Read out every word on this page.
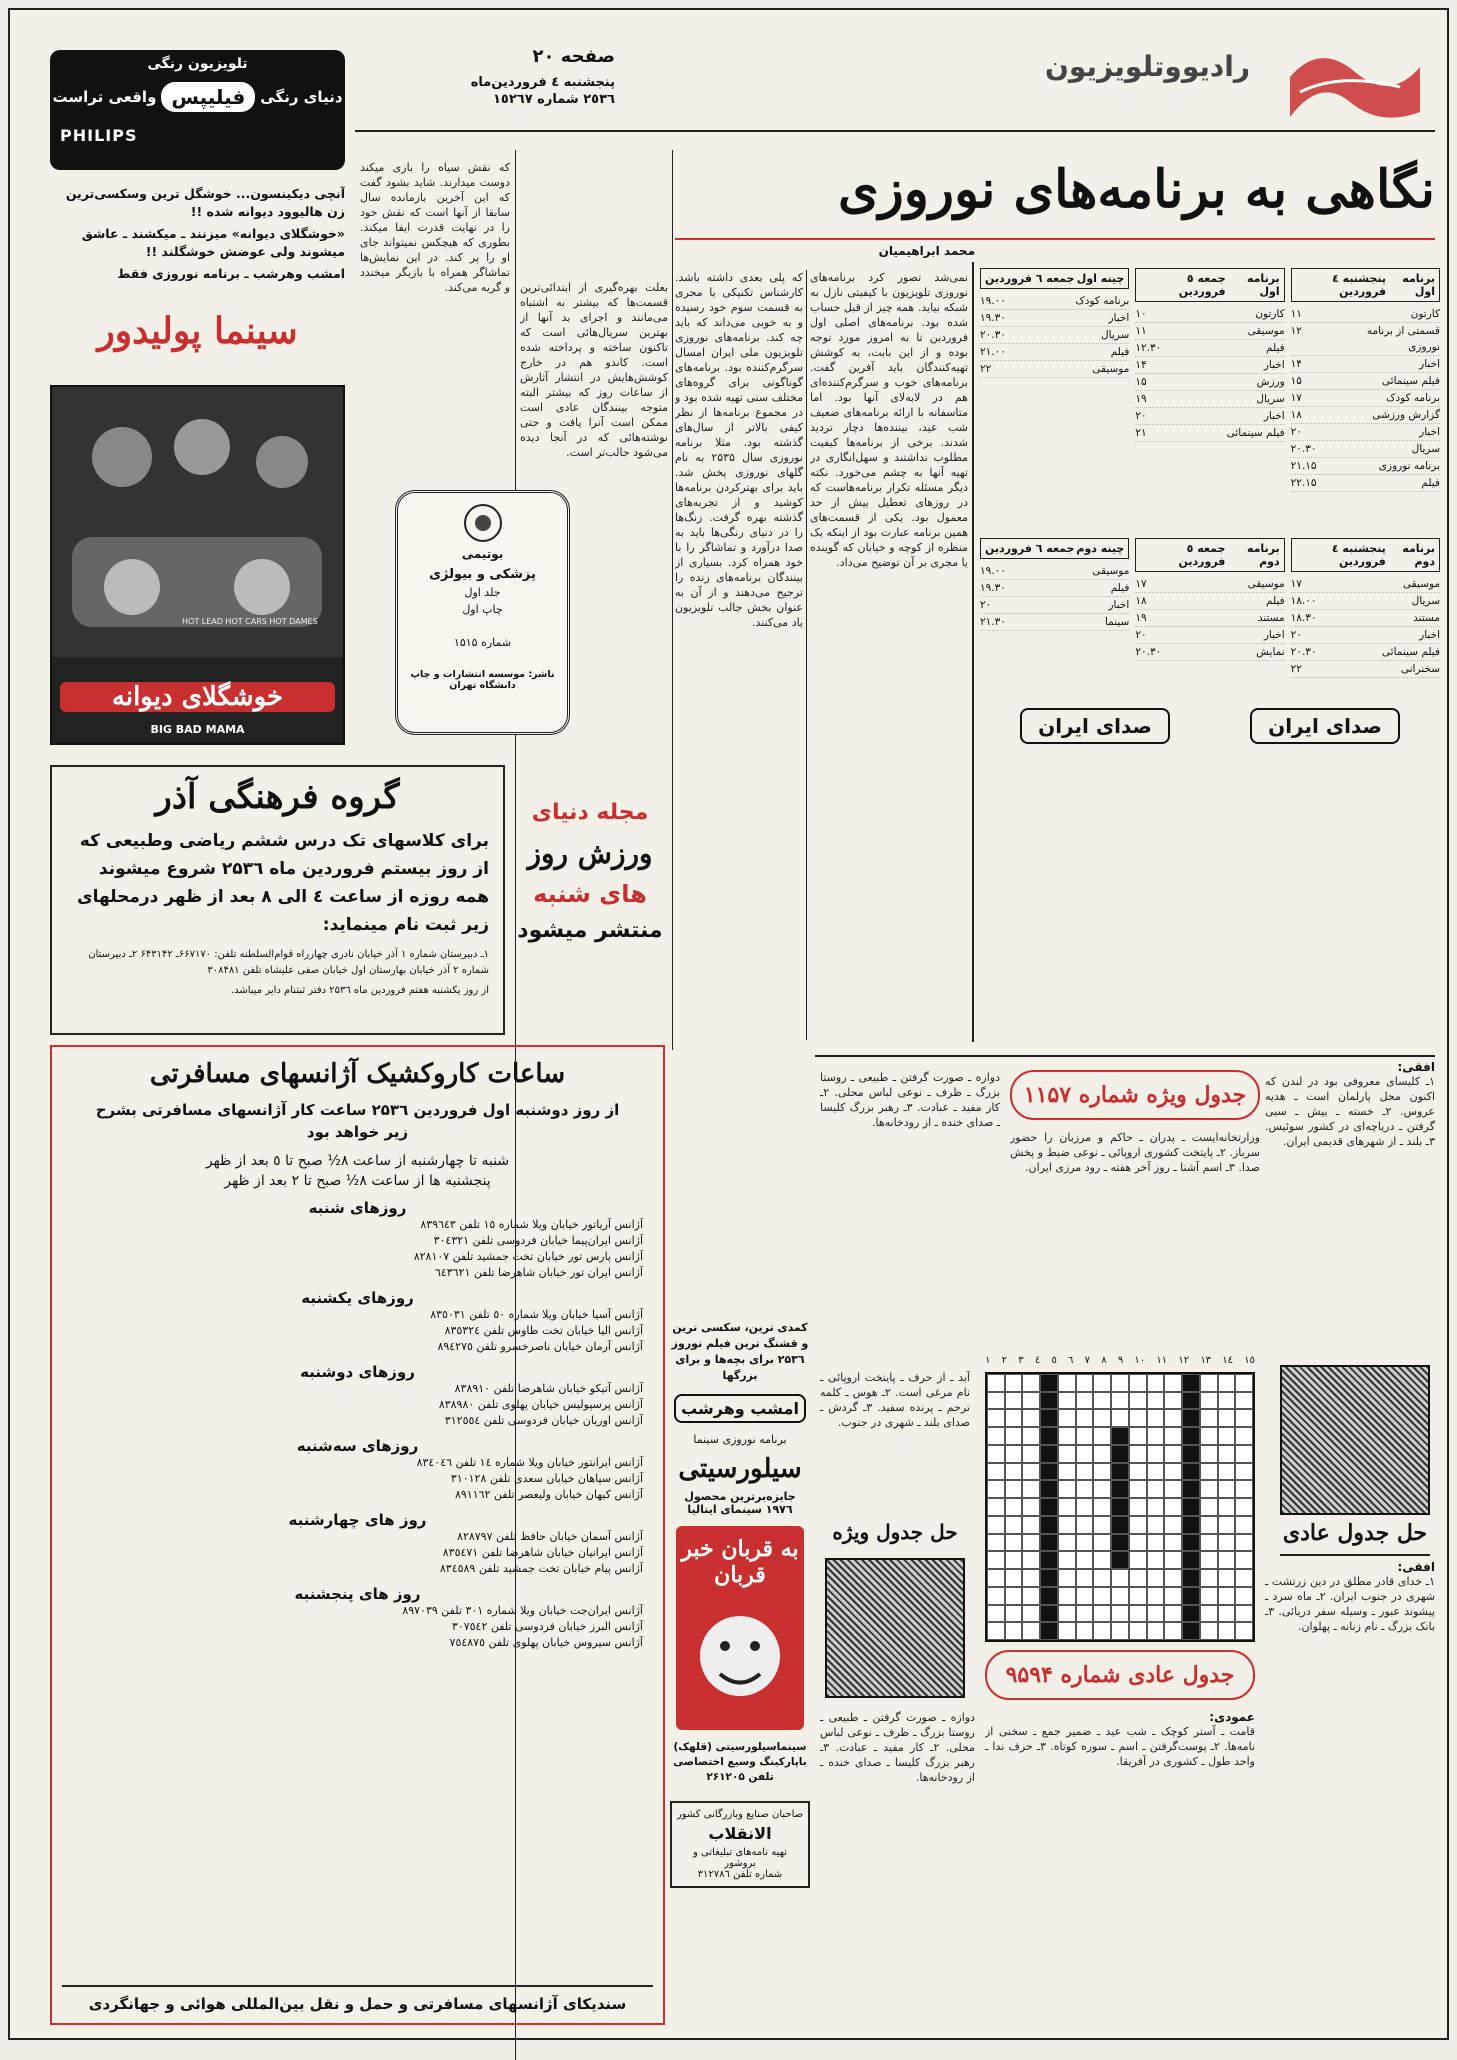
رادیووتلویزیون
صفحه ۲۰
پنجشنبه ٤ فروردین‌ماه
٢٥٣٦ شماره ١٥٢٦٧
تلویزیون رنگی
دنیای رنگی
فیلیپس
واقعی تراست
PHILIPS
نگاهی به برنامه‌های نوروزی
محمد ابراهیمیان
نمی‌شد تصور کرد برنامه‌های نوروزی تلویزیون با کیفیتی نازل به شبکه بیاید. همه چیز از قبل حساب شده بود. برنامه‌های اصلی اول فروردین تا به امروز مورد توجه بوده و از این بابت، به کوشش تهیه‌کنندگان باید آفرین گفت. برنامه‌های خوب و سرگرم‌کننده‌ای هم در لابه‌لای آنها بود. اما متاسفانه با ارائه برنامه‌های ضعیف شب عید، بیننده‌ها دچار تردید شدند. برخی از برنامه‌ها کیفیت مطلوب نداشتند و سهل‌انگاری در تهیه آنها به چشم می‌خورد. نکته دیگر مسئله تکرار برنامه‌هاست که در روزهای تعطیل بیش از حد معمول بود. یکی از قسمت‌های همین برنامه عبارت بود از اینکه یک منظره از کوچه و خیابان که گوینده یا مجری بر آن توضیح می‌داد.
که پلی بعدی داشته باشد. کارشناس تکنیکی یا مجری به قسمت سوم خود رسیده و به خوبی می‌داند که باید چه کند. برنامه‌های نوروزی تلویزیون ملی ایران امسال سرگرم‌کننده بود. برنامه‌های گوناگونی برای گروه‌های مختلف سنی تهیه شده بود و در مجموع برنامه‌ها از نظر کیفی بالاتر از سال‌های گذشته بود. مثلا برنامه نوروزی سال ۲۵۳۵ به نام گلهای نوروزی پخش شد. باید برای بهترکردن برنامه‌ها کوشید و از تجربه‌های گذشته بهره گرفت. زنگ‌ها را در دنیای رنگی‌ها باید به صدا درآورد و تماشاگر را با خود همراه کرد. بسیاری از بینندگان برنامه‌های زنده را ترجیح می‌دهند و از آن به عنوان بخش جالب تلویزیون یاد می‌کنند.
بعلت بهره‌گیری از ابتدائی‌ترین قسمت‌ها که بیشتر به اشتباه می‌مانند و اجرای بد آنها از بهترین سریال‌هائی است که تاکنون ساخته و پرداخته شده است. کاندو هم در خارج کوشش‌هایش در انتشار آثارش از ساعات روز که بیشتر البته متوجه بینندگان عادی است ممکن است آنرا یافت و حتی نوشته‌هائی که در آنجا دیده می‌شود جالب‌تر است.
که نقش سیاه را بازی میکند دوست میدارند. شاید بشود گفت که این آخرین بازمانده سال سابقا از آنها است که نقش خود را در نهایت قدرت ایفا میکند. بطوری که هیچکس نمیتواند جای او را پر کند. در این نمایش‌ها تماشاگر همراه با بازیگر میخندد و گریه می‌کند.
برنامه اول
پنجشنبه ٤ فروردین
کارتون
۱۱
قسمتی از برنامه نوروزی
۱۲
اخبار
۱۴
فیلم سینمائی
۱۵
برنامه کودک
۱۷
گزارش ورزشی
۱۸
اخبار
۲۰
سریال
۲۰.۳۰
برنامه نوروزی
۲۱.۱۵
فیلم
۲۲.۱۵
برنامه اول
جمعه ٥ فروردین
کارتون
۱۰
موسیقی
۱۱
فیلم
۱۲.۳۰
اخبار
۱۴
ورزش
۱۵
سریال
۱۹
اخبار
۲۰
فیلم سینمائی
۲۱
چینه اول
جمعه ٦ فروردین
برنامه کودک
۱۹.۰۰
اخبار
۱۹.۳۰
سریال
۲۰.۳۰
فیلم
۲۱.۰۰
موسیقی
۲۲
برنامه دوم
پنجشنبه ٤ فروردین
موسیقی
۱۷
سریال
۱۸.۰۰
مستند
۱۸.۳۰
اخبار
۲۰
فیلم سینمائی
۲۰.۳۰
سخنرانی
۲۲
برنامه دوم
جمعه ٥ فروردین
موسیقی
۱۷
فیلم
۱۸
مستند
۱۹
اخبار
۲۰
نمایش
۲۰.۳۰
چینه دوم
جمعه ٦ فروردین
موسیقی
۱۹.۰۰
فیلم
۱۹.۳۰
اخبار
۲۰
سینما
۲۱.۳۰
صدای ایران
صدای ایران
آنچی دیکینسون... خوشگل ترین وسکسی‌ترین زن هالیوود دیوانه شده !!
«خوشگلای دیوانه» میزنند ـ میکشند ـ عاشق میشوند ولی عوضش خوشگلند !!
امشب وهرشب ـ برنامه نوروزی فقط
سینما پولیدور
HOT LEAD HOT CARS HOT DAMES
خوشگلای دیوانه
BIG BAD MAMA
بوتیمی
پزشکی و بیولژی
جلد اول
چاپ اول
شماره ۱۵۱۵
ناشر: موسسه انتشارات و چاپ دانشگاه تهران
مجله دنیای
ورزش روز
های شنبه
منتشر میشود
گروه فرهنگی آذر
برای کلاسهای تک درس ششم ریاضی وطبیعی که از روز بیستم فروردین ماه ۲۵۳٦ شروع میشوند همه روزه از ساعت ٤ الی ۸ بعد از ظهر درمحلهای زیر ثبت نام مینماید:
۱ـ دبیرستان شماره ۱ آذر خیابان نادری چهارراه قوام‌السلطنه تلفن: ۶۶۷۱۷۰ـ ۶۴۳۱۴۲ ۲ـ دبیرستان شماره ۲ آذر خیابان بهارستان اول خیابان صفی علیشاه تلفن ۳۰۸۴۸۱
از روز یکشنبه هفتم فروردین ماه ۲۵۳٦ دفتر ثبتنام دایر میباشد.
ساعات کاروکشیک آژانسهای مسافرتی
از روز دوشنبه اول فروردین ۲۵۳٦ ساعت کار آژانسهای مسافرتی بشرح زیر خواهد بود
شنبه تا چهارشنبه از ساعت ۸½ صبح تا ٥ بعد از ظهر
پنجشنبه ها از ساعت ۸½ صبح تا ۲ بعد از ظهر
روزهای شنبه
آژانس آریاتور خیابان ویلا شماره ١٥ تلفن ٨٣٩٦٤٣
آژانس ایران‌پیما خیابان فردوسی تلفن ٣٠٤٣٢١
آژانس پارس تور خیابان تخت جمشید تلفن ٨٢٨١٠٧
آژانس ایران تور خیابان شاهرضا تلفن ٦٤٣٦٢١
روزهای یکشنبه
آژانس آسیا خیابان ویلا شماره ٥٠ تلفن ٨٣٥٠٣١
آژانس الیا خیابان تخت طاوس تلفن ٨٣٥٣٢٤
آژانس آرمان خیابان ناصرخسرو تلفن ٨٩٤٢٧٥
روزهای دوشنبه
آژانس آتیکو خیابان شاهرضا تلفن ٨٣٨٩١٠
آژانس پرسپولیس خیابان پهلوی تلفن ٨٣٨٩٨٠
آژانس اوریان خیابان فردوسی تلفن ٣١٢٥٥٤
روزهای سه‌شنبه
آژانس ایرانتور خیابان ویلا شماره ١٤ تلفن ٨٣٤٠٤٦
آژانس سپاهان خیابان سعدی تلفن ٣١٠١٢٨
آژانس کیهان خیابان ولیعصر تلفن ٨٩١١٦٢
روز های چهارشنبه
آژانس آسمان خیابان حافظ تلفن ٨٢٨٧٩٧
آژانس ایرانیان خیابان شاهرضا تلفن ٨٣٥٤٧١
آژانس پیام خیابان تخت جمشید تلفن ٨٣٤٥٨٩
روز های پنجشنبه
آژانس ایران‌جت خیابان ویلا شماره ٣٠١ تلفن ٨٩٧٠٣٩
آژانس البرز خیابان فردوسی تلفن ٣٠٧٥٤٢
آژانس سیروس خیابان پهلوی تلفن ٧٥٤٨٧٥
سندیکای آژانسهای مسافرتی و حمل و نقل بین‌المللی هوائی و جهانگردی
کمدی ترین، سکسی ترین و قشنگ ترین فیلم نوروز ۲۵۳٦ برای بچه‌ها و برای بزرگها
امشب وهرشب
برنامه نوروزی سینما
سیلورسیتی
جایزه‌برترین محصول ۱۹۷٦ سینمای ایتالیا
به قربان خبر قربان
سینماسیلورسیتی (قلهک) باپارکینگ وسیع اختصاصی تلفن ۲۶۱۲۰۵
صاحبان صنایع وبازرگانی کشور
الانقلاب
تهیه نامه‌های تبلیغاتی و بروشور
شماره تلفن ۳۱۲۷۸٦
افقی:
۱ـ کلیسای معروفی بود در لندن که اکنون محل پارلمان است ـ هدیه عروس. ۲ـ خسته ـ بیش ـ سبی گرفتن ـ دریاچه‌ای در کشور سوئیس. ۳ـ بلند ـ از شهرهای قدیمی ایران.
جدول ویژه شماره ۱۱۵۷
وزارتخانه‌ایست ـ پدران ـ حاکم و مرزبان را حضور سرباز. ۲ـ پایتخت کشوری اروپائی ـ نوعی ضبط و پخش صدا. ۳ـ اسم آشنا ـ روز آخر هفته ـ رود مرزی ایران.
دوازه ـ صورت گرفتن ـ طبیعی ـ روستا بزرگ ـ ظرف ـ نوعی لباس محلی. ۲ـ کار مفید ـ عبادت. ۳ـ رهبر بزرگ کلیسا ـ صدای خنده ـ از رودخانه‌ها.
۱٥
۱٤
۱۳
۱۲
۱۱
۱۰
۹
۸
۷
٦
٥
٤
۳
۲
۱
حل جدول عادی
افقی:
۱ـ خدای قادر مطلق در دین زرتشت ـ شهری در جنوب ایران. ۲ـ ماه سرد ـ پیشوند عبور ـ وسیله سفر دریائی. ۳ـ بانک بزرگ ـ نام زنانه ـ پهلوان.
حل جدول ویژه
آبد ـ از حرف ـ پایتخت اروپائی ـ نام مرغی است. ۲ـ هوس ـ کلمه ترحم ـ پرنده سفید. ۳ـ گردش ـ صدای بلند ـ شهری در جنوب.
جدول عادی شماره ۹۵۹۴
عمودی:
قامت ـ آستر کوچک ـ شب عید ـ ضمیر جمع ـ سخنی از نامه‌ها. ۲ـ پوست‌گرفتن ـ اسم ـ سوره کوتاه. ۳ـ حرف ندا ـ واحد طول ـ کشوری در آفریقا.
دوازه ـ صورت گرفتن ـ طبیعی ـ روستا بزرگ ـ ظرف ـ نوعی لباس محلی. ۲ـ کار مفید ـ عبادت. ۳ـ رهبر بزرگ کلیسا ـ صدای خنده ـ از رودخانه‌ها.
